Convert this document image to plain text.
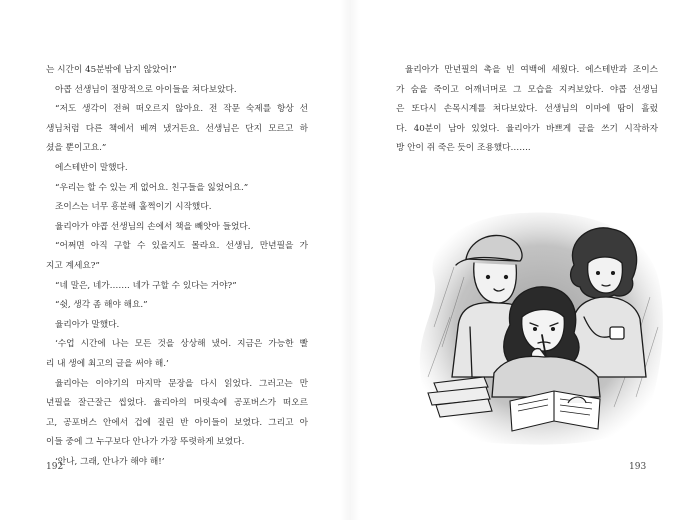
는 시간이 45분밖에 남지 않았어!”
아콥 선생님이 절망적으로 아이들을 쳐다보았다.
“저도 생각이 전혀 떠오르지 않아요. 전 작문 숙제를 항상 선
생님처럼 다른 책에서 베껴 냈거든요. 선생님은 단지 모르고 하
셨을 뿐이고요.”
에스테반이 말했다.
“우리는 할 수 있는 게 없어요. 친구들을 잃었어요.”
조이스는 너무 흥분해 훌쩍이기 시작했다.
율리아가 야콥 선생님의 손에서 책을 빼앗아 들었다.
“어쩌면 아직 구할 수 있을지도 몰라요. 선생님, 만년필을 가
지고 계세요?”
“네 말은, 네가……. 네가 구할 수 있다는 거야?”
“쉿, 생각 좀 해야 해요.”
율리아가 말했다.
‘수업 시간에 나는 모든 것을 상상해 냈어. 지금은 가능한 빨
리 내 생에 최고의 글을 써야 해.’
율리아는 이야기의 마지막 문장을 다시 읽었다. 그러고는 만
년필을 잘근잘근 씹었다. 율리아의 머릿속에 공포버스가 떠오르
고, 공포버스 안에서 겁에 질린 반 아이들이 보였다. 그리고 아
이들 중에 그 누구보다 안나가 가장 뚜렷하게 보였다.
‘안나, 그래, 안나가 해야 해!’
192	193
율리아가 만년필의 촉을 빈 여백에 세웠다. 에스테반과 조이스
가 숨을 죽이고 어깨너머로 그 모습을 지켜보았다. 야콥 선생님
은 또다시 손목시계를 쳐다보았다. 선생님의 이마에 땀이 흘렀
다. 40분이 남아 있었다. 율리아가 바쁘게 글을 쓰기 시작하자
방 안이 쥐 죽은 듯이 조용했다…….
